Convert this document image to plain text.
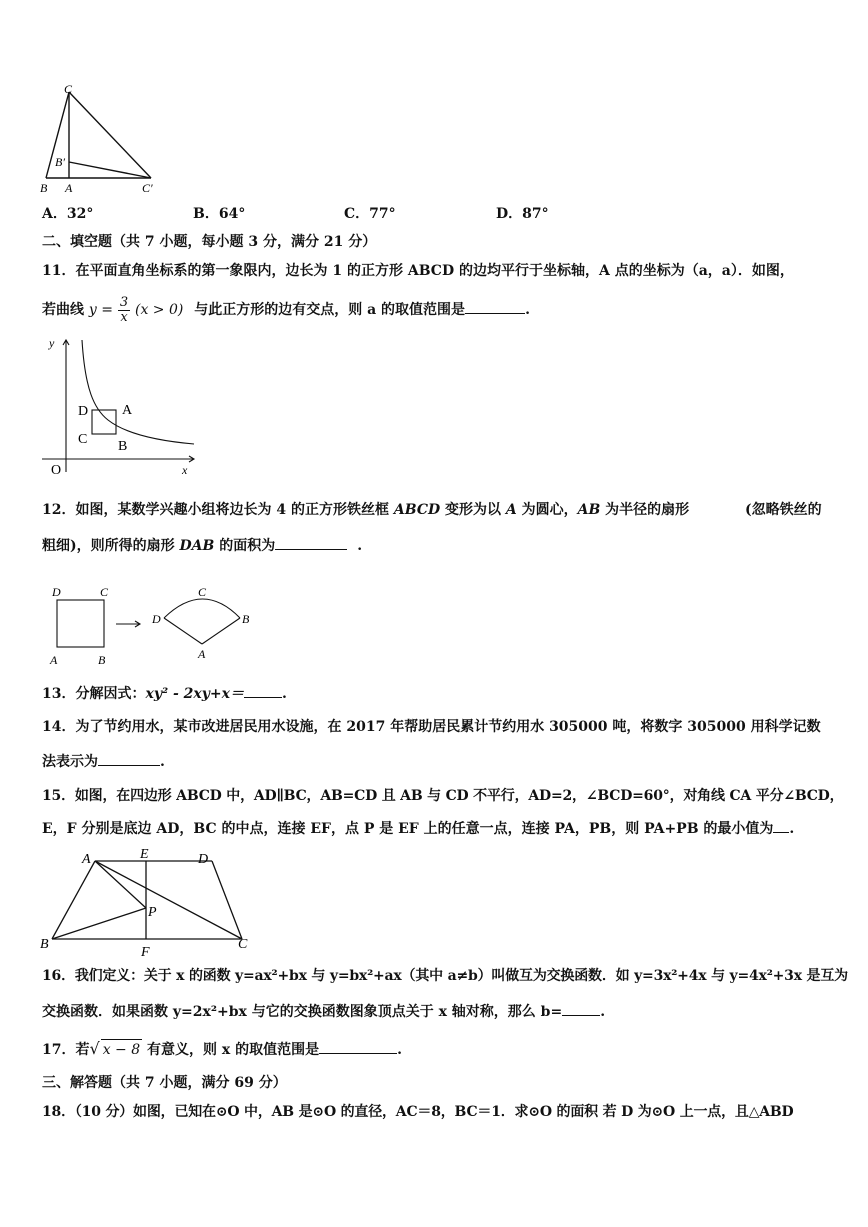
C
B′
B A	C′
A．32°	B．64°	C．77°	D．87°
二、填空题（共 7 小题，每小题 3 分，满分 21 分）
11．在平面直角坐标系的第一象限内，边长为 1 的正方形 ABCD 的边均平行于坐标轴，A 点的坐标为（a，a）．如图，
若曲线 $y = \frac{3}{x} (x > 0)$ 与此正方形的边有交点，则 a 的取值范围是	.
y
x
O
D A
C B
12．如图，某数学兴趣小组将边长为 4 的正方形铁丝框 ABCD 变形为以 A 为圆心，AB 为半径的扇形	(忽略铁丝的
粗细)，则所得的扇形 DAB 的面积为	.
D	C
A	B
C
D	B
A
13．分解因式：xy² - 2xy+x＝	.
14．为了节约用水，某市改进居民用水设施，在 2017 年帮助居民累计节约用水 305000 吨，将数字 305000 用科学记数
法表示为	.
15．如图，在四边形 ABCD 中，AD∥BC，AB=CD 且 AB 与 CD 不平行，AD=2，∠BCD=60°，对角线 CA 平分∠BCD，
E，F 分别是底边 AD，BC 的中点，连接 EF，点 P 是 EF 上的任意一点，连接 PA，PB，则 PA+PB 的最小值为 .
A	E	D
P
B
F
C
16．我们定义：关于 x 的函数 y=ax²+bx 与 y=bx²+ax（其中 a≠b）叫做互为交换函数．如 y=3x²+4x 与 y=4x²+3x 是互为
交换函数．如果函数 y=2x²+bx 与它的交换函数图象顶点关于 x 轴对称，那么 b=	.
17．若√ x − 8 有意义，则 x 的取值范围是	.
三、解答题（共 7 小题，满分 69 分）
18．（10 分）如图，已知在⊙O 中，AB 是⊙O 的直径，AC＝8，BC＝1．求⊙O 的面积 若 D 为⊙O 上一点，且△ABD
